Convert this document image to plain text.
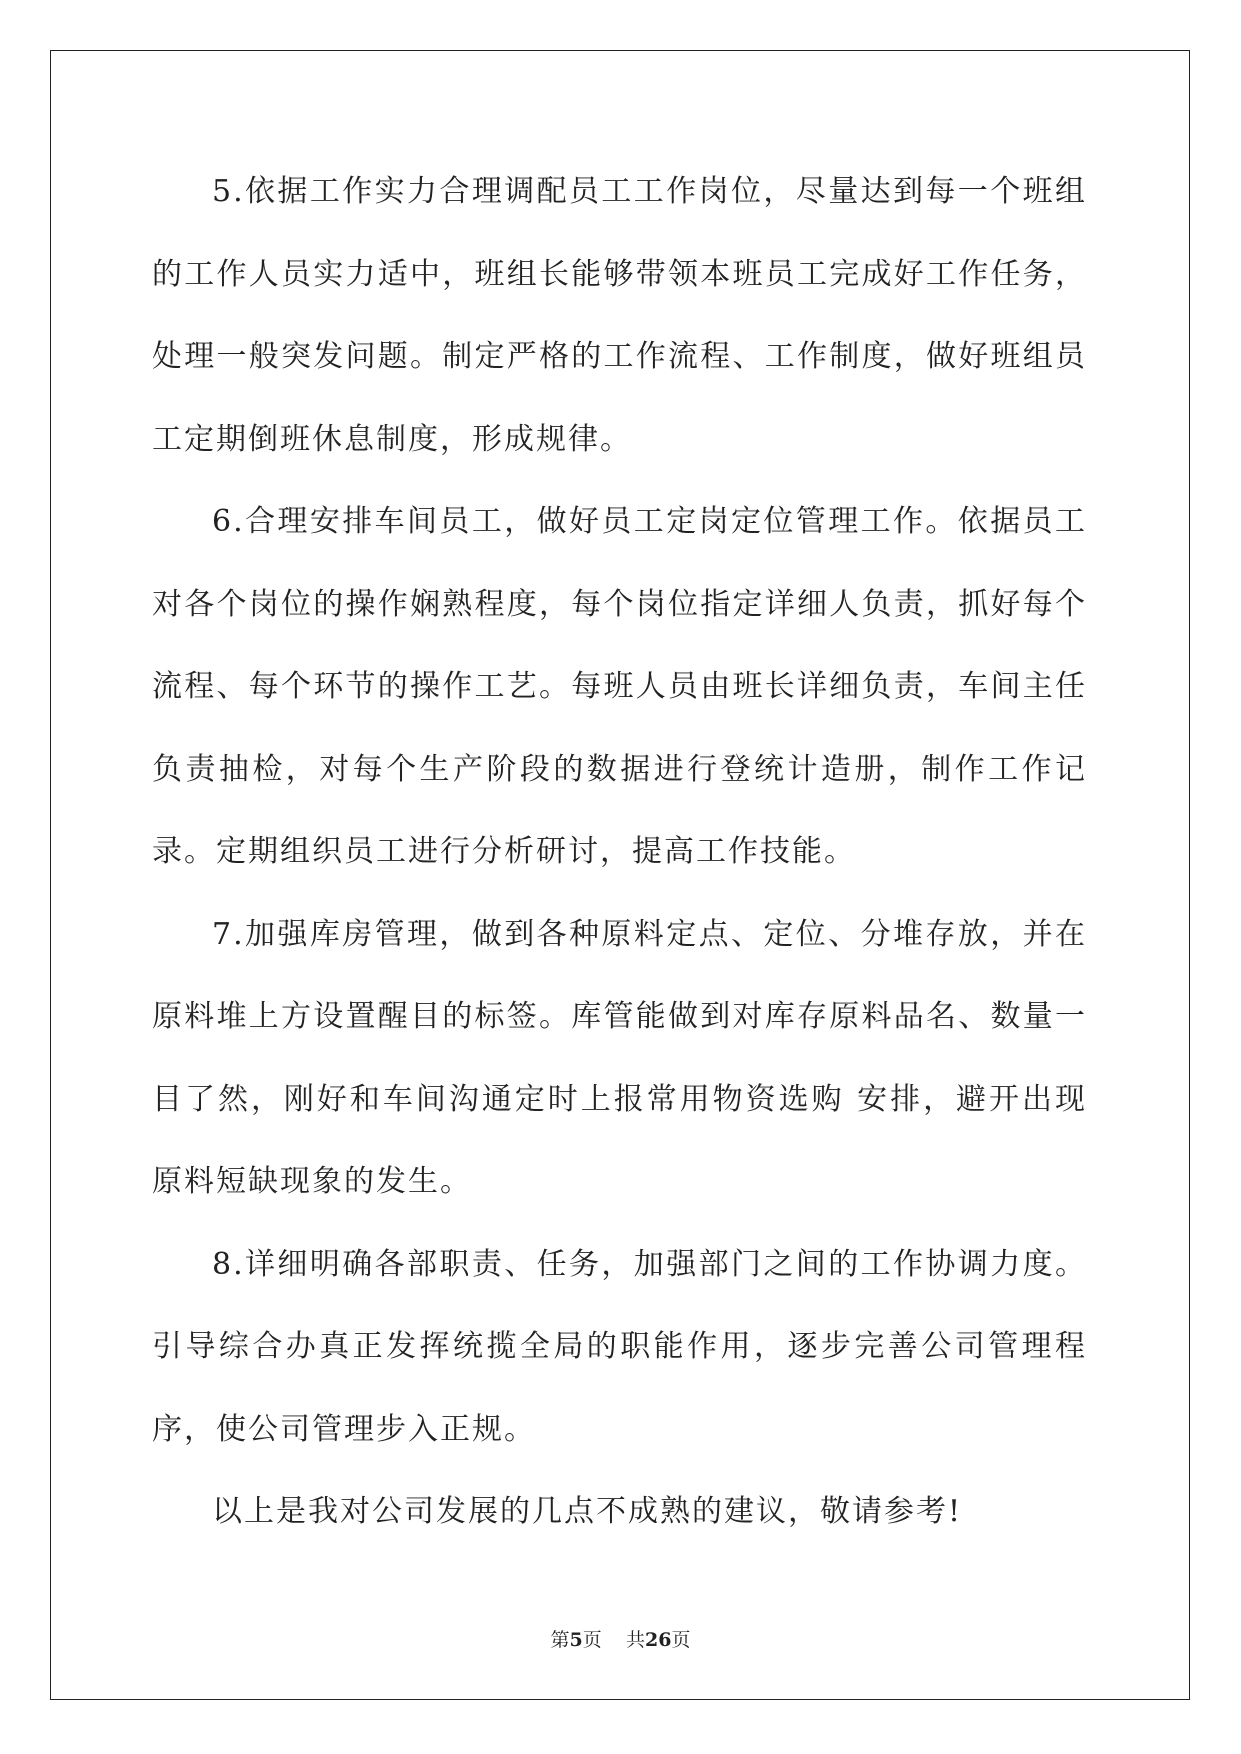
5.依据工作实力合理调配员工工作岗位，尽量达到每一个班组的工作人员实力适中，班组长能够带领本班员工完成好工作任务，处理一般突发问题。制定严格的工作流程、工作制度，做好班组员工定期倒班休息制度，形成规律。

6.合理安排车间员工，做好员工定岗定位管理工作。依据员工对各个岗位的操作娴熟程度，每个岗位指定详细人负责，抓好每个流程、每个环节的操作工艺。每班人员由班长详细负责，车间主任负责抽检，对每个生产阶段的数据进行登统计造册，制作工作记录。定期组织员工进行分析研讨，提高工作技能。

7.加强库房管理，做到各种原料定点、定位、分堆存放，并在原料堆上方设置醒目的标签。库管能做到对库存原料品名、数量一目了然，刚好和车间沟通定时上报常用物资选购 安排，避开出现原料短缺现象的发生。

8.详细明确各部职责、任务，加强部门之间的工作协调力度。引导综合办真正发挥统揽全局的职能作用，逐步完善公司管理程序，使公司管理步入正规。

以上是我对公司发展的几点不成熟的建议，敬请参考!

第5页 共26页
